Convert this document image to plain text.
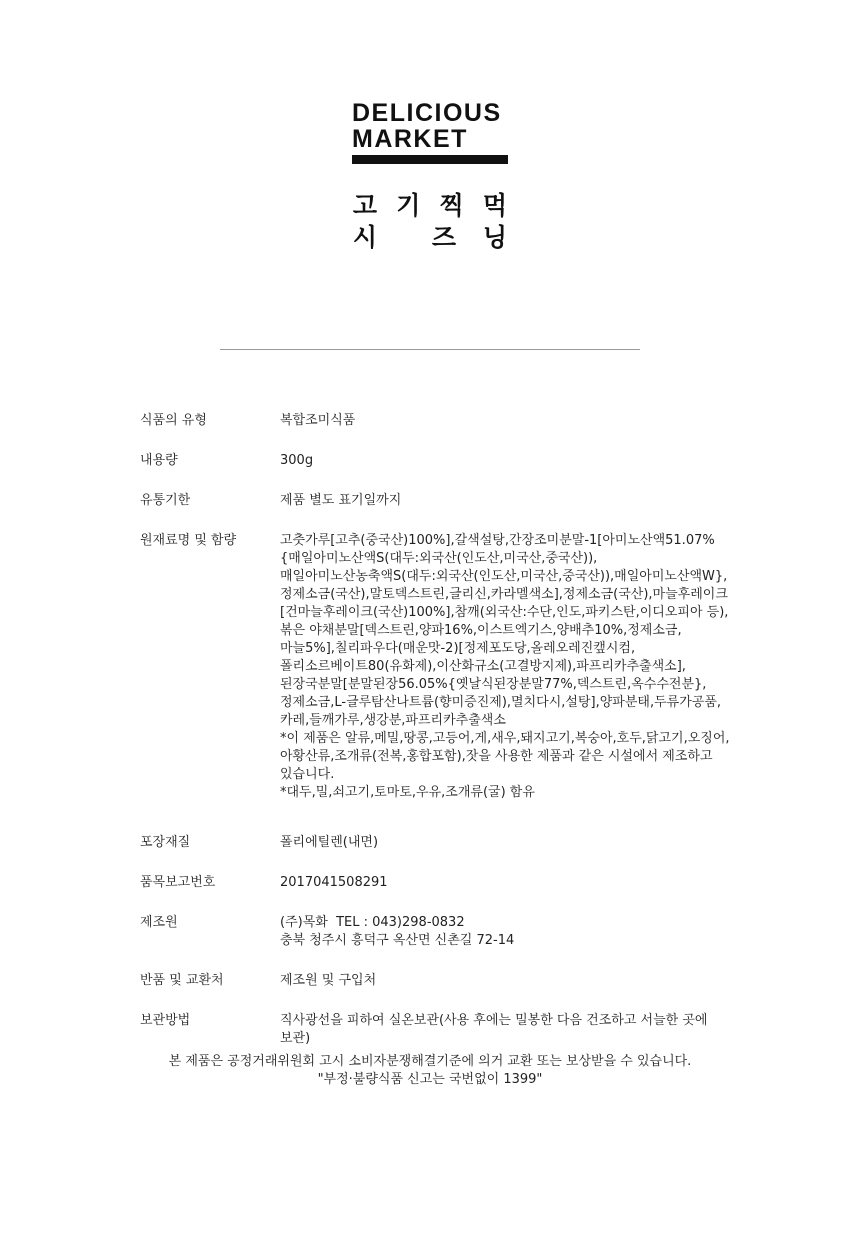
DELICIOUS
MARKET
고 기 찍 먹
시 즈 닝
식품의 유형	복합조미식품
내용량	300g
유통기한	제품 별도 표기일까지
원재료명 및 함량	고춧가루[고추(중국산)100%],갈색설탕,간장조미분말-1[아미노산액51.07%{매일아미노산액S(대두:외국산(인도산,미국산,중국산)),매일아미노산농축액S(대두:외국산(인도산,미국산,중국산)),매일아미노산액W},정제소금(국산),말토덱스트린,글리신,카라멜색소],정제소금(국산),마늘후레이크[건마늘후레이크(국산)100%],참깨(외국산:수단,인도,파키스탄,이디오피아 등),볶은 야채분말[덱스트린,양파16%,이스트엑기스,양배추10%,정제소금,마늘5%],칠리파우다(매운맛-2)[정제포도당,올레오레진캪시컴,폴리소르베이트80(유화제),이산화규소(고결방지제),파프리카추출색소],된장국분말[분말된장56.05%{옛날식된장분말77%,덱스트린,옥수수전분},정제소금,L-글루탐산나트륨(향미증진제),멸치다시,설탕],양파분태,두류가공품,카레,들깨가루,생강분,파프리카추출색소

*이 제품은 알류,메밀,땅콩,고등어,게,새우,돼지고기,복숭아,호두,닭고기,오징어,아황산류,조개류(전복,홍합포함),잣을 사용한 제품과 같은 시설에서 제조하고 있습니다.

*대두,밀,쇠고기,토마토,우유,조개류(굴) 함유

포장재질	폴리에틸렌(내면)
품목보고번호	2017041508291
제조원	(주)목화  TEL : 043)298-0832

충북 청주시 흥덕구 옥산면 신촌길 72-14

반품 및 교환처	제조원 및 구입처
보관방법	직사광선을 피하여 실온보관(사용 후에는 밀봉한 다음 건조하고 서늘한 곳에 보관)

본 제품은 공정거래위원회 고시 소비자분쟁해결기준에 의거 교환 또는 보상받을 수 있습니다.

"부정·불량식품 신고는 국번없이 1399"
